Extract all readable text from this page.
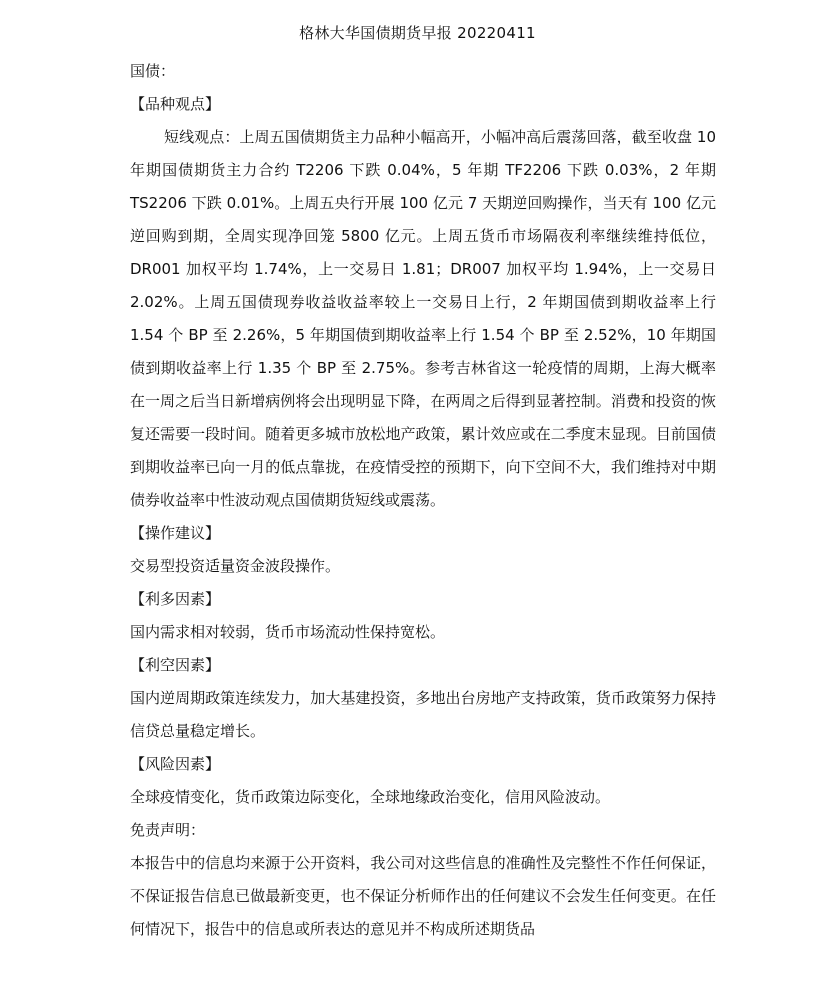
格林大华国债期货早报 20220411

国债：

【品种观点】

短线观点：上周五国债期货主力品种小幅高开，小幅冲高后震荡回落，截至收盘 10 年期国债期货主力合约 T2206 下跌 0.04%，5 年期 TF2206 下跌 0.03%，2 年期 TS2206 下跌 0.01%。上周五央行开展 100 亿元 7 天期逆回购操作，当天有 100 亿元逆回购到期，全周实现净回笼 5800 亿元。上周五货币市场隔夜利率继续维持低位，DR001 加权平均 1.74%，上一交易日 1.81；DR007 加权平均 1.94%，上一交易日 2.02%。上周五国债现券收益收益率较上一交易日上行，2 年期国债到期收益率上行 1.54 个 BP 至 2.26%，5 年期国债到期收益率上行 1.54 个 BP 至 2.52%，10 年期国债到期收益率上行 1.35 个 BP 至 2.75%。参考吉林省这一轮疫情的周期，上海大概率在一周之后当日新增病例将会出现明显下降，在两周之后得到显著控制。消费和投资的恢复还需要一段时间。随着更多城市放松地产政策，累计效应或在二季度末显现。目前国债到期收益率已向一月的低点靠拢，在疫情受控的预期下，向下空间不大，我们维持对中期债券收益率中性波动观点国债期货短线或震荡。

【操作建议】

交易型投资适量资金波段操作。

【利多因素】

国内需求相对较弱，货币市场流动性保持宽松。

【利空因素】

国内逆周期政策连续发力，加大基建投资，多地出台房地产支持政策，货币政策努力保持信贷总量稳定增长。

【风险因素】

全球疫情变化，货币政策边际变化，全球地缘政治变化，信用风险波动。

免责声明：

本报告中的信息均来源于公开资料，我公司对这些信息的准确性及完整性不作任何保证，不保证报告信息已做最新变更，也不保证分析师作出的任何建议不会发生任何变更。在任何情况下，报告中的信息或所表达的意见并不构成所述期货品
